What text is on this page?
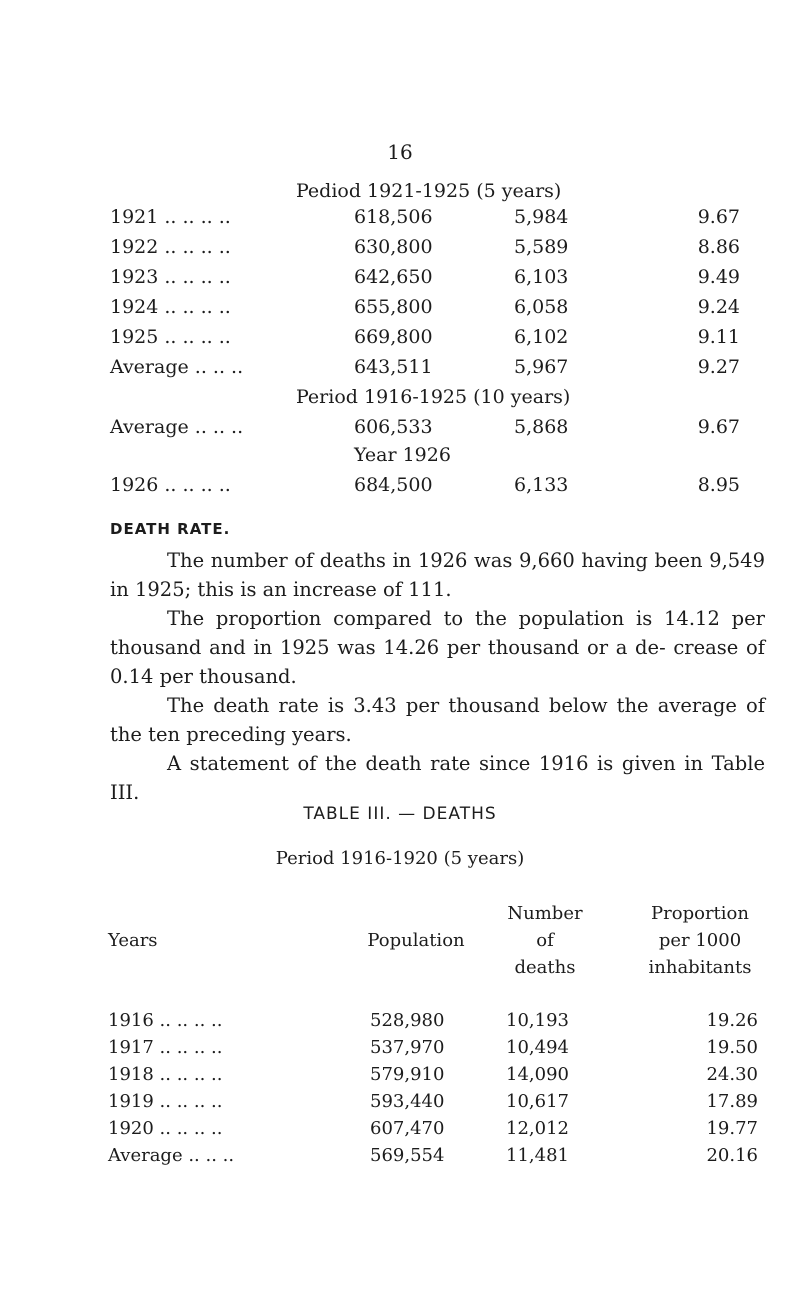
16
Pediod 1921-1925 (5 years)
1921 .. .. .. ..	618,506	5,984	9.67
1922 .. .. .. ..	630,800	5,589	8.86
1923 .. .. .. ..	642,650	6,103	9.49
1924 .. .. .. ..	655,800	6,058	9.24
1925 .. .. .. ..	669,800	6,102	9.11
Average .. .. ..	643,511	5,967	9.27
Period 1916-1925 (10 years)
Average .. .. ..	606,533	5,868	9.67
Year 1926
1926 .. .. .. ..	684,500	6,133	8.95
DEATH RATE.

The number of deaths in 1926 was 9,660 having been 9,549 in 1925; this is an increase of 111.

The proportion compared to the population is 14.12 per thousand and in 1925 was 14.26 per thousand or a de- crease of 0.14 per thousand.

The death rate is 3.43 per thousand below the average of the ten preceding years.

A statement of the death rate since 1916 is given in Table III.

TABLE III. — DEATHS
Period 1916-1920 (5 years)
Years	Population
Number
of
deaths
Proportion
per 1000
inhabitants
1916 .. .. .. ..	528,980	10,193	19.26
1917 .. .. .. ..	537,970	10,494	19.50
1918 .. .. .. ..	579,910	14,090	24.30
1919 .. .. .. ..	593,440	10,617	17.89
1920 .. .. .. ..	607,470	12,012	19.77
Average .. .. ..	569,554	11,481	20.16
